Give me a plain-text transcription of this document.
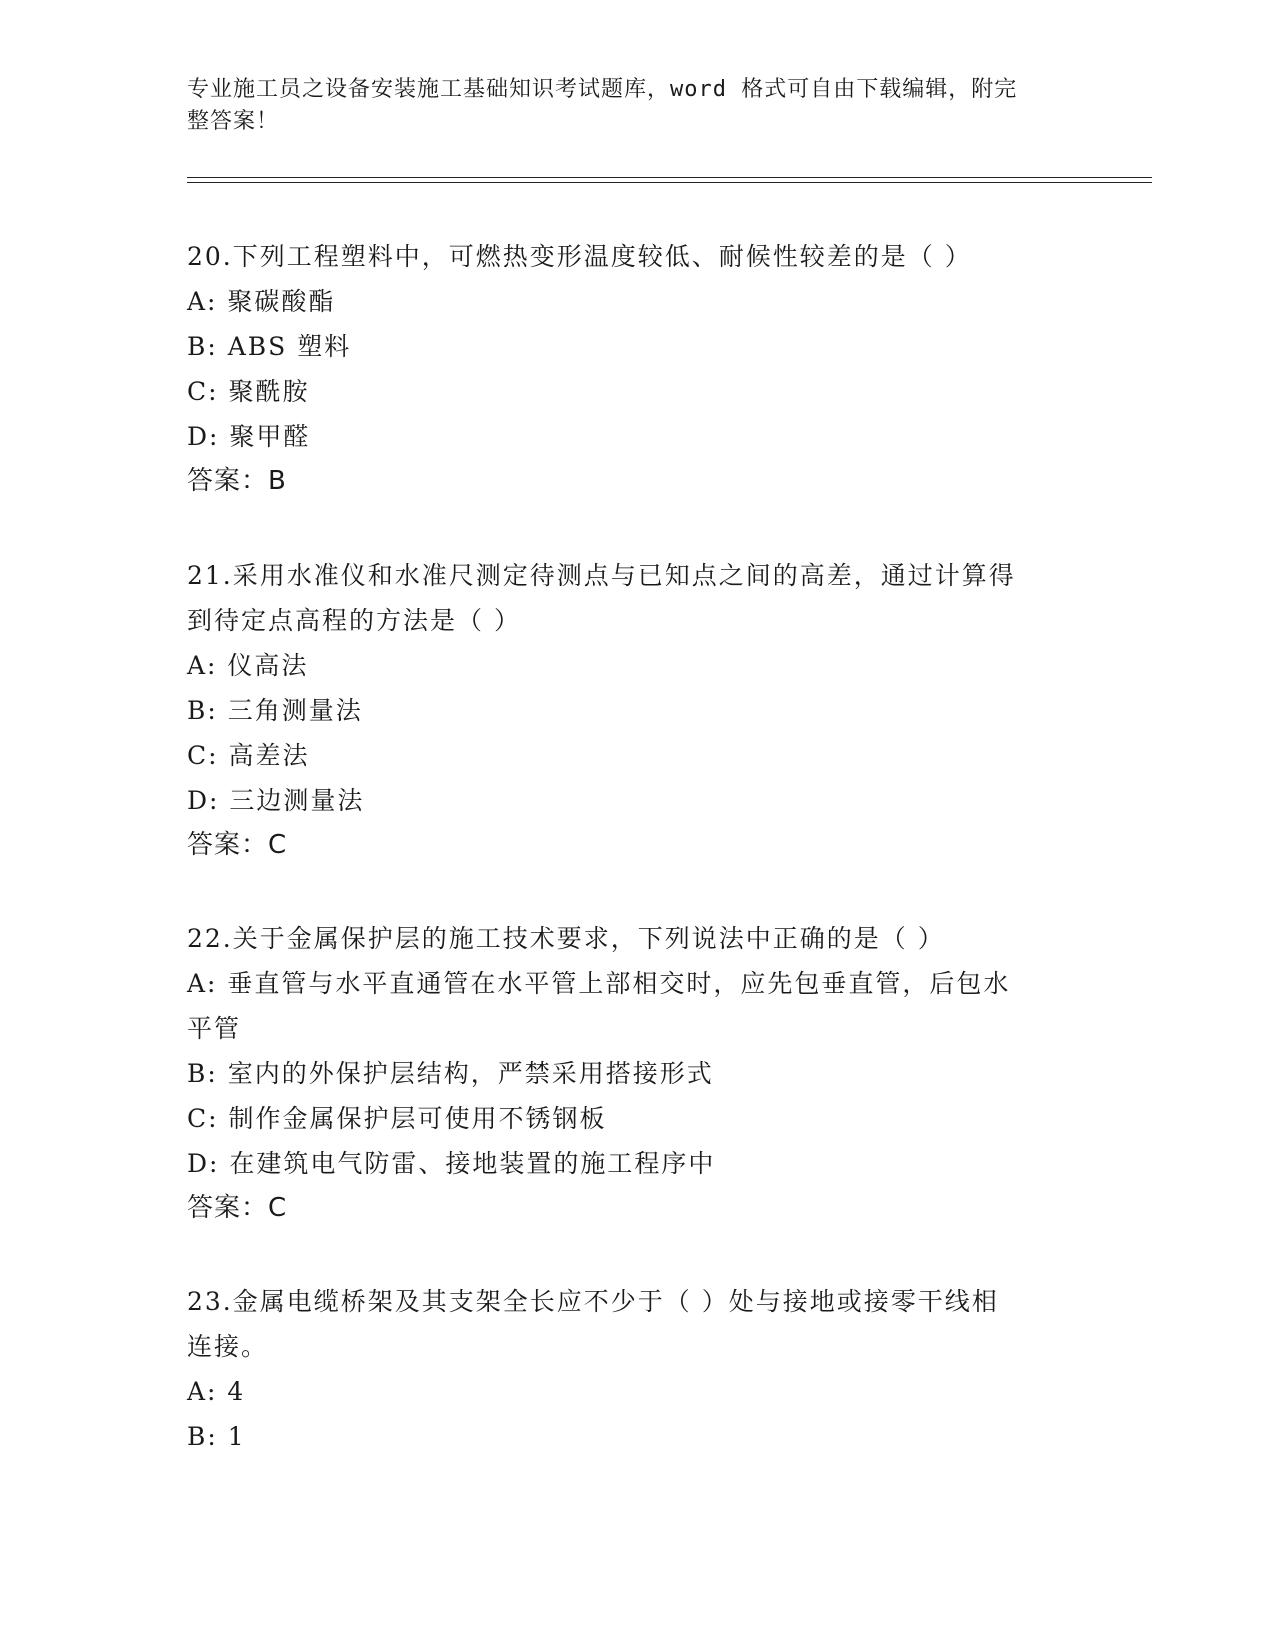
专业施工员之设备安装施工基础知识考试题库，word 格式可自由下载编辑，附完
整答案！
20.下列工程塑料中，可燃热变形温度较低、耐候性较差的是（ ）
A: 聚碳酸酯
B: ABS 塑料
C: 聚酰胺
D: 聚甲醛
答案：B
21.采用水准仪和水准尺测定待测点与已知点之间的高差，通过计算得
到待定点高程的方法是（ ）
A: 仪高法
B: 三角测量法
C: 高差法
D: 三边测量法
答案：C
22.关于金属保护层的施工技术要求，下列说法中正确的是（ ）
A: 垂直管与水平直通管在水平管上部相交时，应先包垂直管，后包水
平管
B: 室内的外保护层结构，严禁采用搭接形式
C: 制作金属保护层可使用不锈钢板
D: 在建筑电气防雷、接地装置的施工程序中
答案：C
23.金属电缆桥架及其支架全长应不少于（ ）处与接地或接零干线相
连接。
A: 4
B: 1
